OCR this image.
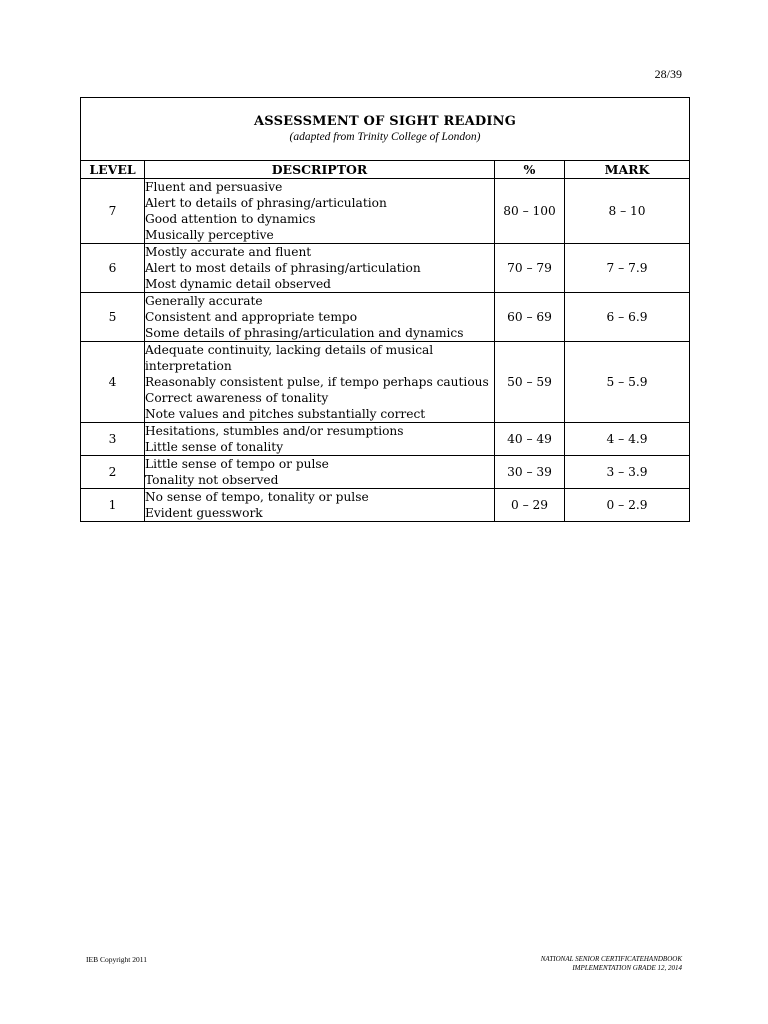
28/39
ASSESSMENT OF SIGHT READING
(adapted from Trinity College of London)			

LEVEL	DESCRIPTOR	%	MARK
7	Fluent and persuasive
Alert to details of phrasing/articulation
Good attention to dynamics
Musically perceptive	80 – 100	8 – 10
6	Mostly accurate and fluent
Alert to most details of phrasing/articulation
Most dynamic detail observed	70 – 79	7 – 7.9
5	Generally accurate
Consistent and appropriate tempo
Some details of phrasing/articulation and dynamics	60 – 69	6 – 6.9
4	Adequate continuity, lacking details of musical
interpretation
Reasonably consistent pulse, if tempo perhaps cautious
Correct awareness of tonality
Note values and pitches substantially correct	50 – 59	5 – 5.9
3	Hesitations, stumbles and/or resumptions
Little sense of tonality	40 – 49	4 – 4.9
2	Little sense of tempo or pulse
Tonality not observed	30 – 39	3 – 3.9
1	No sense of tempo, tonality or pulse
Evident guesswork	0 – 29	0 – 2.9
IEB Copyright 2011	NATIONAL SENIOR CERTIFICATEHANDBOOK
IMPLEMENTATION GRADE 12, 2014
